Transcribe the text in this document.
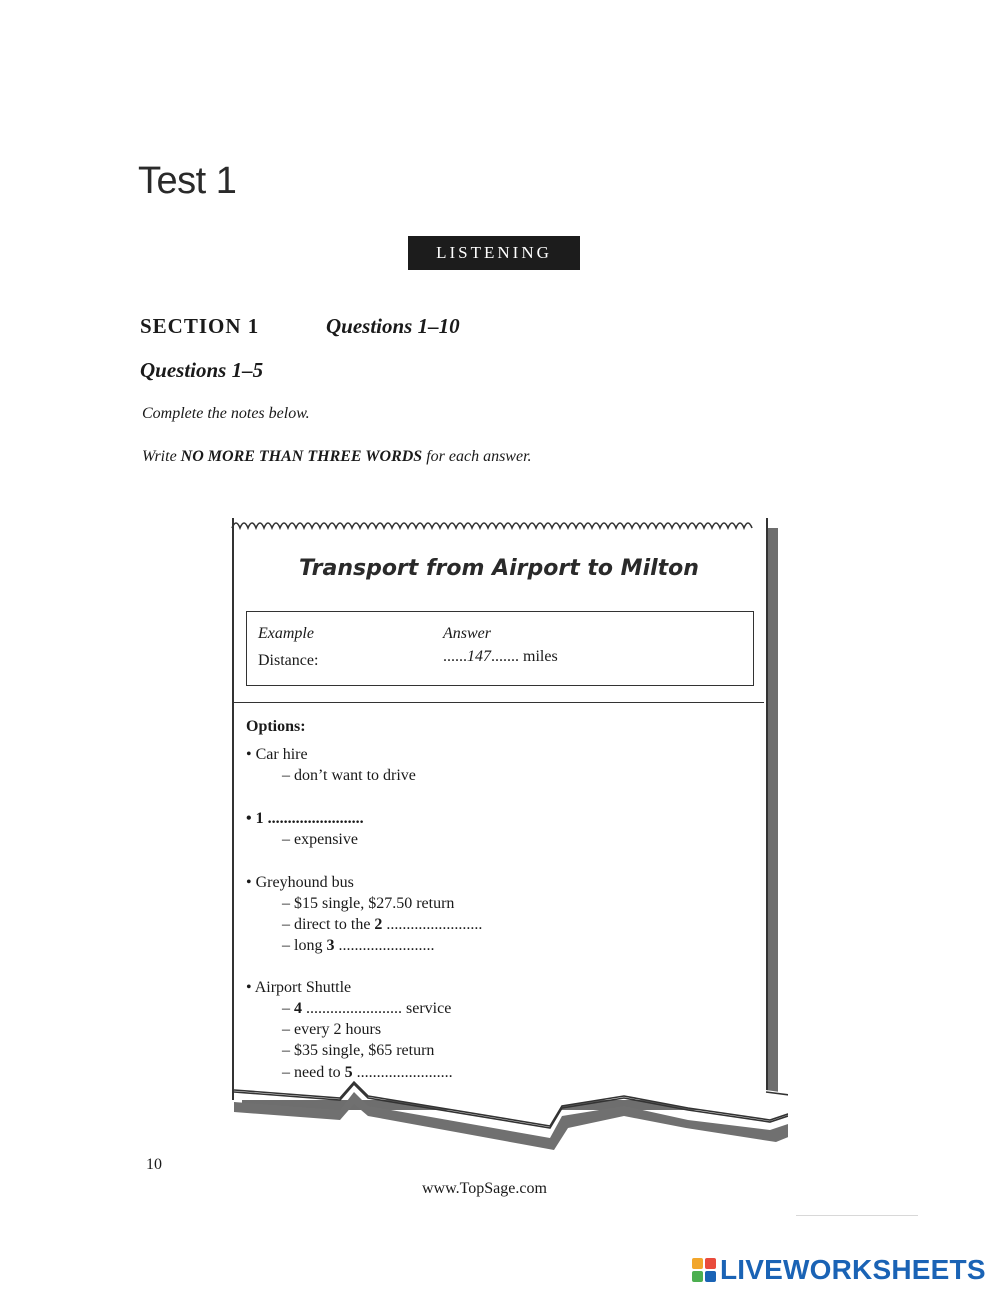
Test 1
LISTENING
SECTION 1	Questions 1–10
Questions 1–5
Complete the notes below.
Write NO MORE THAN THREE WORDS for each answer.
Transport from Airport to Milton
Example	Answer
Distance:	......147....... miles
Options:
• Car hire
– don’t want to drive
• 1 ........................
– expensive
• Greyhound bus
– $15 single, $27.50 return
– direct to the 2 ........................
– long 3 ........................
• Airport Shuttle
– 4 ........................ service
– every 2 hours
– $35 single, $65 return
– need to 5 ........................
10
www.TopSage.com
LIVEWORKSHEETS
